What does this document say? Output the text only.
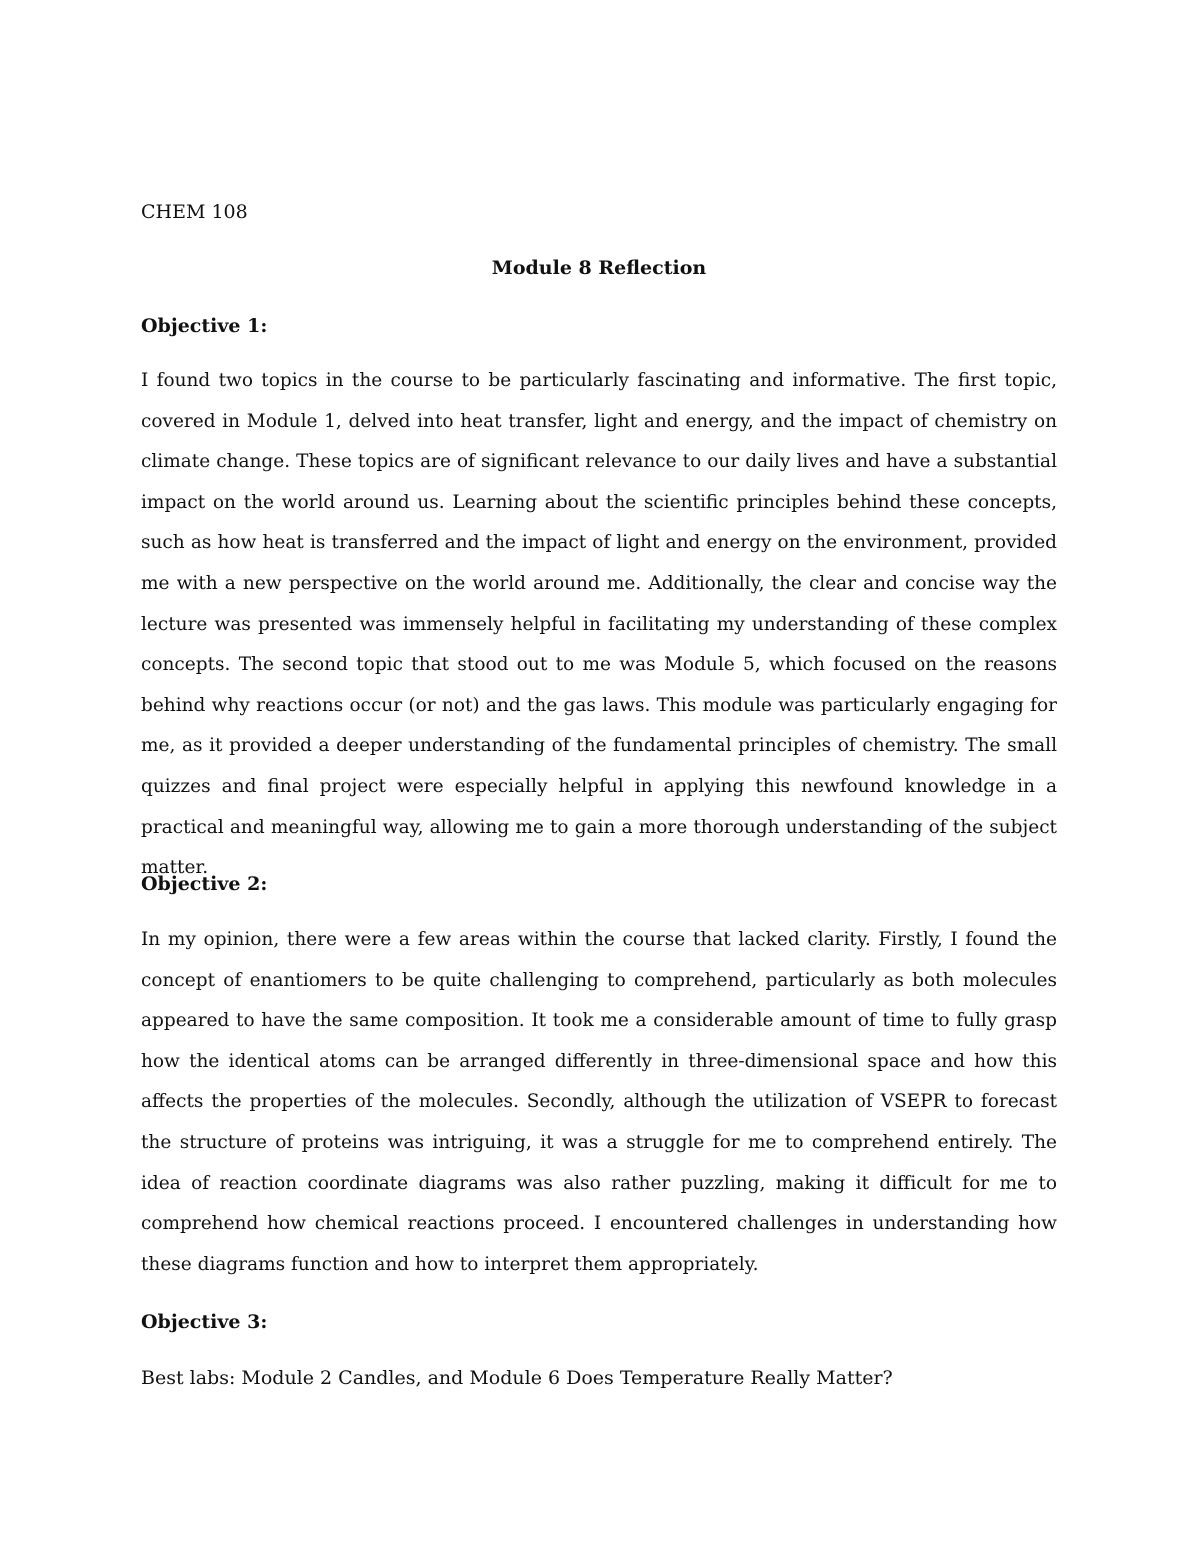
CHEM 108

Module 8 Reflection
Objective 1:

I found two topics in the course to be particularly fascinating and informative. The first topic, covered in Module 1, delved into heat transfer, light and energy, and the impact of chemistry on climate change. These topics are of significant relevance to our daily lives and have a substantial impact on the world around us. Learning about the scientific principles behind these concepts, such as how heat is transferred and the impact of light and energy on the environment, provided me with a new perspective on the world around me. Additionally, the clear and concise way the lecture was presented was immensely helpful in facilitating my understanding of these complex concepts. The second topic that stood out to me was Module 5, which focused on the reasons behind why reactions occur (or not) and the gas laws. This module was particularly engaging for me, as it provided a deeper understanding of the fundamental principles of chemistry. The small quizzes and final project were especially helpful in applying this newfound knowledge in a practical and meaningful way, allowing me to gain a more thorough understanding of the subject matter.

Objective 2:

In my opinion, there were a few areas within the course that lacked clarity. Firstly, I found the concept of enantiomers to be quite challenging to comprehend, particularly as both molecules appeared to have the same composition. It took me a considerable amount of time to fully grasp how the identical atoms can be arranged differently in three-dimensional space and how this affects the properties of the molecules. Secondly, although the utilization of VSEPR to forecast the structure of proteins was intriguing, it was a struggle for me to comprehend entirely. The idea of reaction coordinate diagrams was also rather puzzling, making it difficult for me to comprehend how chemical reactions proceed. I encountered challenges in understanding how these diagrams function and how to interpret them appropriately.

Objective 3:

Best labs: Module 2 Candles, and Module 6 Does Temperature Really Matter?
